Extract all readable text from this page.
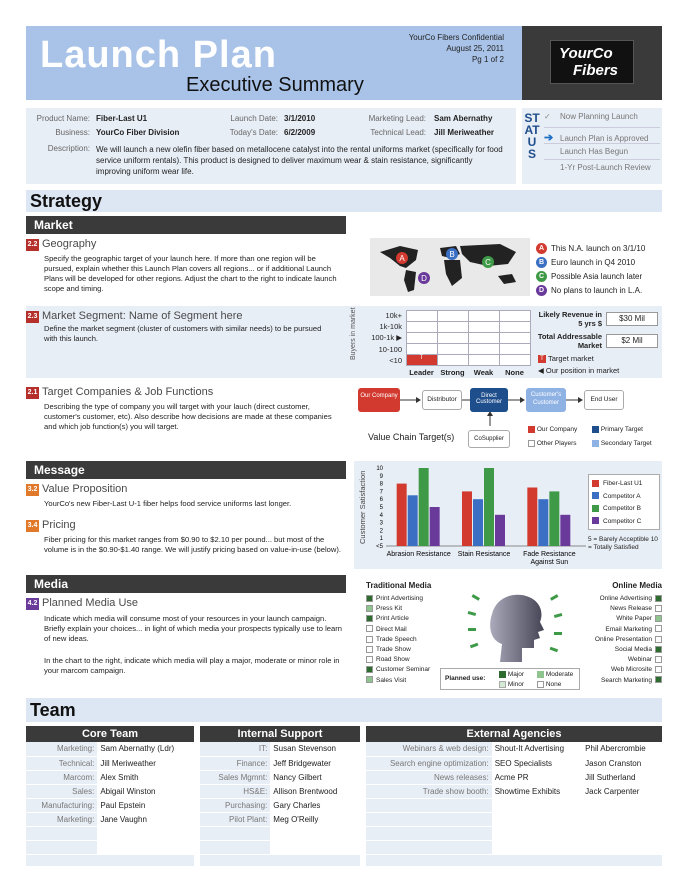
Launch Plan
Executive Summary
YourCo Fibers Confidential
August 25, 2011
Pg 1 of 2	YourCo
Fibers
Product Name: Fiber-Last U1	Launch Date: 3/1/2010	Marketing Lead: Sam Abernathy
Business: YourCo Fiber Division	Today's Date: 6/2/2009	Technical Lead: Jill Meriweather
Description: We will launch a new olefin fiber based on metallocene catalyst into the rental uniforms market (specifically for food service uniform rentals). This product is designed to deliver maximum wear & stain resistance, significantly improving uniform wear life.
STATUS
✓ Now Planning Launch
➔ Launch Plan is Approved
Launch Has Begun
1-Yr Post-Launch Review
Strategy
Market
2.2 Geography
Specify the geographic target of your launch here. If more than one region will be pursued, explain whether this Launch Plan covers all regions... or if additional Launch Plans will be developed for other regions. Adjust the chart to the right to indicate launch scope and timing.
A	B
C
D
A This N.A. launch on 3/1/10
B Euro launch in Q4 2010
C Possible Asia launch later
D No plans to launch in L.A.
2.3 Market Segment: Name of Segment here
Define the market segment (cluster of customers with similar needs) to be pursued with this launch.	Buyers in market	10k+
1k-10k
100-1k ▶
10-100
<10	T
Leader Strong	Weak	None
Likely Revenue in 5 yrs $
$30 Mil
Total Addressable Market
$2 Mil
T Target market
◀ Our position in market
2.1 Target Companies & Job Functions
Describing the type of company you will target with your lauch (direct customer, customer's customer, etc). Also describe how decisions are made at these companies and which job function(s) you will target.
Our Company	Distributor	Direct Customer
Customer's Customer	End User
CoSupplier
Value Chain Target(s)
Our Company	Primary Target
Other Players	Secondary Target
Message
3.2 Value Proposition
YourCo's new Fiber-Last U-1 fiber helps food service uniforms last longer.
3.4 Pricing
Fiber pricing for this market ranges from $0.90 to $2.10 per pound... but most of the volume is in the $0.90-$1.40 range. We will justify pricing based on value-in-use (below).
Customer Satisfaction
10
9
8
7
6
5
4
3
2
1
<5
Abrasion Resistance Stain Resistance Fade Resistance
Against Sun
Fiber-Last U1
Competitor A
Competitor B
Competitor C
5 = Barely Acceptible 10 = Totally Satisfied
Media
4.2 Planned Media Use
Indicate which media will consume most of your resources in your launch campaign. Briefly explain your choices... in light of which media your prospects typically use to learn of new ideas.
In the chart to the right, indicate which media will play a major, moderate or minor role in your marcom campaign.
Traditional Media	Online Media
Print Advertising
Press Kit
Print Article
Direct Mail
Trade Speech
Trade Show
Road Show
Customer Seminar
Sales Visit
Online Advertising
News Release
White Paper
Email Marketing
Online Presentation
Social Media
Webinar
Web Microsite
Search Marketing
Planned use:
Major	Moderate
Minor	None
Team
Core Team
Marketing:	Sam Abernathy (Ldr)
Technical:	Jill Meriweather
Marcom:	Alex Smith
Sales:	Abigail Winston
Manufacturing:	Paul Epstein
Marketing:	Jane Vaughn

Internal Support
IT:	Susan Stevenson
Finance:	Jeff Bridgewater
Sales Mgmnt:	Nancy Gilbert
HS&E:	Allison Brentwood
Purchasing:	Gary Charles
Pilot Plant:	Meg O'Reilly

External Agencies
Webinars & web design:	Shout-It Advertising	Phil Abercrombie
Search engine optimization:	SEO Specialists	Jason Cranston
News releases:	Acme PR	Jill Sutherland
Trade show booth:	Showtime Exhibits	Jack Carpenter
